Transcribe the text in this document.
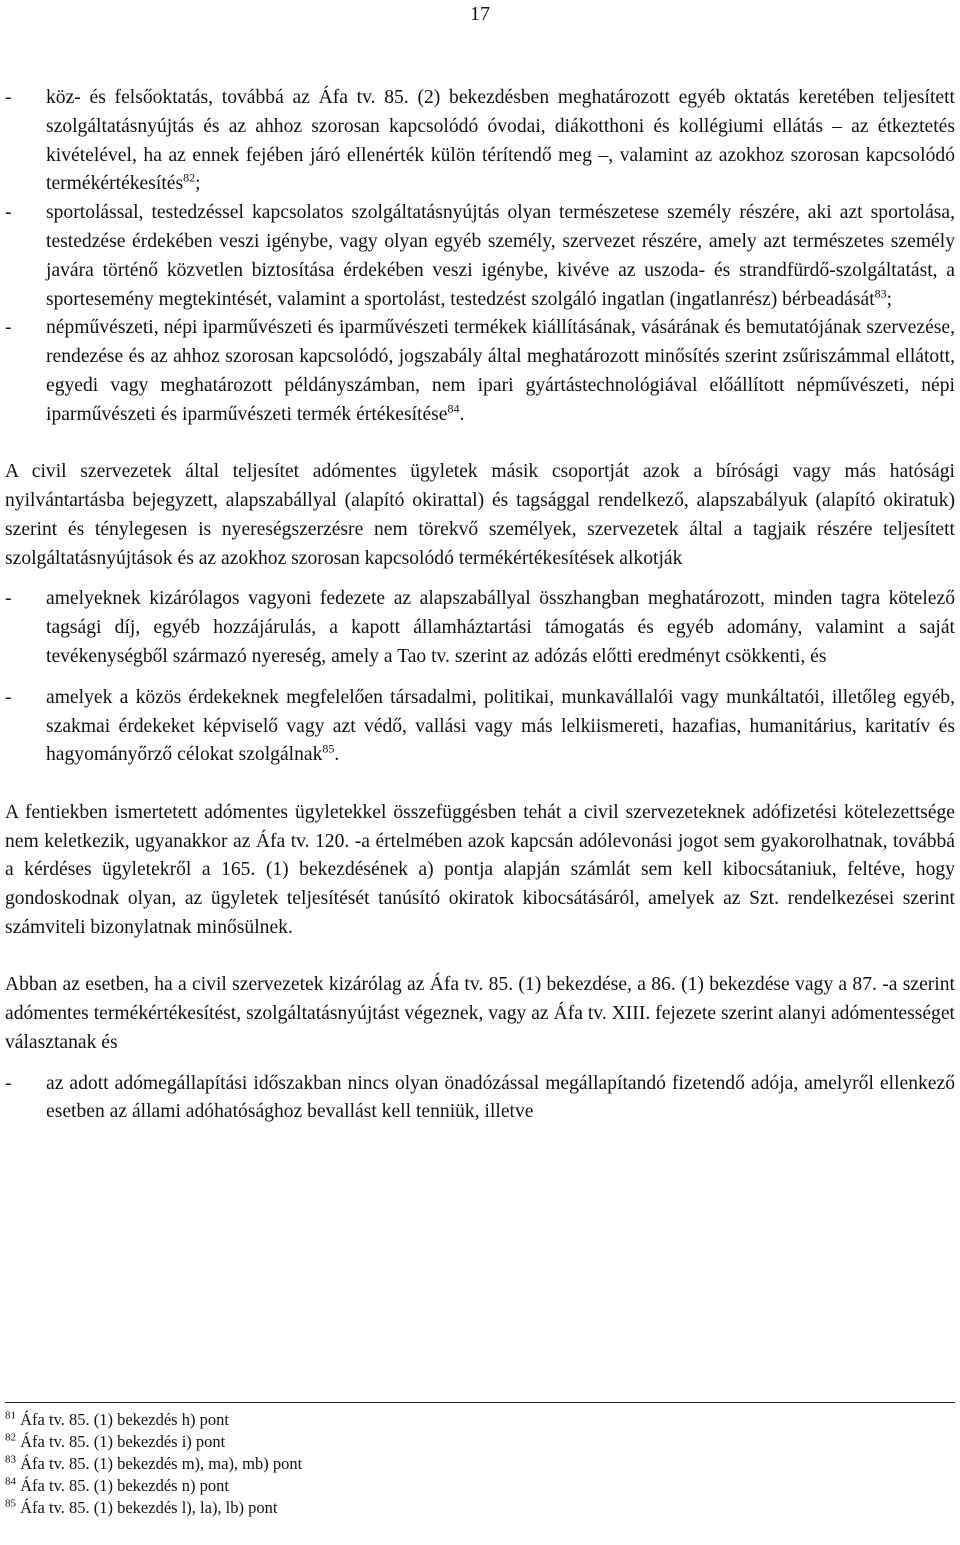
17
- köz- és felsőoktatás, továbbá az Áfa tv. 85. (2) bekezdésben meghatározott egyéb oktatás keretében teljesített szolgáltatásnyújtás és az ahhoz szorosan kapcsolódó óvodai, diákotthoni és kollégiumi ellátás – az étkeztetés kivételével, ha az ennek fejében járó ellenérték külön térítendő meg –, valamint az azokhoz szorosan kapcsolódó termékértékesítés$^{82}$;
- sportolással, testedzéssel kapcsolatos szolgáltatásnyújtás olyan természetese személy részére, aki azt sportolása, testedzése érdekében veszi igénybe, vagy olyan egyéb személy, szervezet részére, amely azt természetes személy javára történő közvetlen biztosítása érdekében veszi igénybe, kivéve az uszoda- és strandfürdő-szolgáltatást, a sportesemény megtekintését, valamint a sportolást, testedzést szolgáló ingatlan (ingatlanrész) bérbeadását$^{83}$;
- népművészeti, népi iparművészeti és iparművészeti termékek kiállításának, vásárának és bemutatójának szervezése, rendezése és az ahhoz szorosan kapcsolódó, jogszabály által meghatározott minősítés szerint zsűriszámmal ellátott, egyedi vagy meghatározott példányszámban, nem ipari gyártástechnológiával előállított népművészeti, népi iparművészeti és iparművészeti termék értékesítése$^{84}$.

A civil szervezetek által teljesítet adómentes ügyletek másik csoportját azok a bírósági vagy más hatósági nyilvántartásba bejegyzett, alapszabállyal (alapító okirattal) és tagsággal rendelkező, alapszabályuk (alapító okiratuk) szerint és ténylegesen is nyereségszerzésre nem törekvő személyek, szervezetek által a tagjaik részére teljesített szolgáltatásnyújtások és az azokhoz szorosan kapcsolódó termékértékesítések alkotják

- amelyeknek kizárólagos vagyoni fedezete az alapszabállyal összhangban meghatározott, minden tagra kötelező tagsági díj, egyéb hozzájárulás, a kapott államháztartási támogatás és egyéb adomány, valamint a saját tevékenységből származó nyereség, amely a Tao tv. szerint az adózás előtti eredményt csökkenti, és
- amelyek a közös érdekeknek megfelelően társadalmi, politikai, munkavállalói vagy munkáltatói, illetőleg egyéb, szakmai érdekeket képviselő vagy azt védő, vallási vagy más lelkiismereti, hazafias, humanitárius, karitatív és hagyományőrző célokat szolgálnak$^{85}$.

A fentiekben ismertetett adómentes ügyletekkel összefüggésben tehát a civil szervezeteknek adófizetési kötelezettsége nem keletkezik, ugyanakkor az Áfa tv. 120. -a értelmében azok kapcsán adólevonási jogot sem gyakorolhatnak, továbbá a kérdéses ügyletekről a 165. (1) bekezdésének a) pontja alapján számlát sem kell kibocsátaniuk, feltéve, hogy gondoskodnak olyan, az ügyletek teljesítését tanúsító okiratok kibocsátásáról, amelyek az Szt. rendelkezései szerint számviteli bizonylatnak minősülnek.

Abban az esetben, ha a civil szervezetek kizárólag az Áfa tv. 85. (1) bekezdése, a 86. (1) bekezdése vagy a 87. -a szerint adómentes termékértékesítést, szolgáltatásnyújtást végeznek, vagy az Áfa tv. XIII. fejezete szerint alanyi adómentességet választanak és

- az adott adómegállapítási időszakban nincs olyan önadózással megállapítandó fizetendő adója, amelyről ellenkező esetben az állami adóhatósághoz bevallást kell tenniük, illetve
$^{81}$ Áfa tv. 85. (1) bekezdés h) pont
$^{82}$ Áfa tv. 85. (1) bekezdés i) pont
$^{83}$ Áfa tv. 85. (1) bekezdés m), ma), mb) pont
$^{84}$ Áfa tv. 85. (1) bekezdés n) pont
$^{85}$ Áfa tv. 85. (1) bekezdés l), la), lb) pont
